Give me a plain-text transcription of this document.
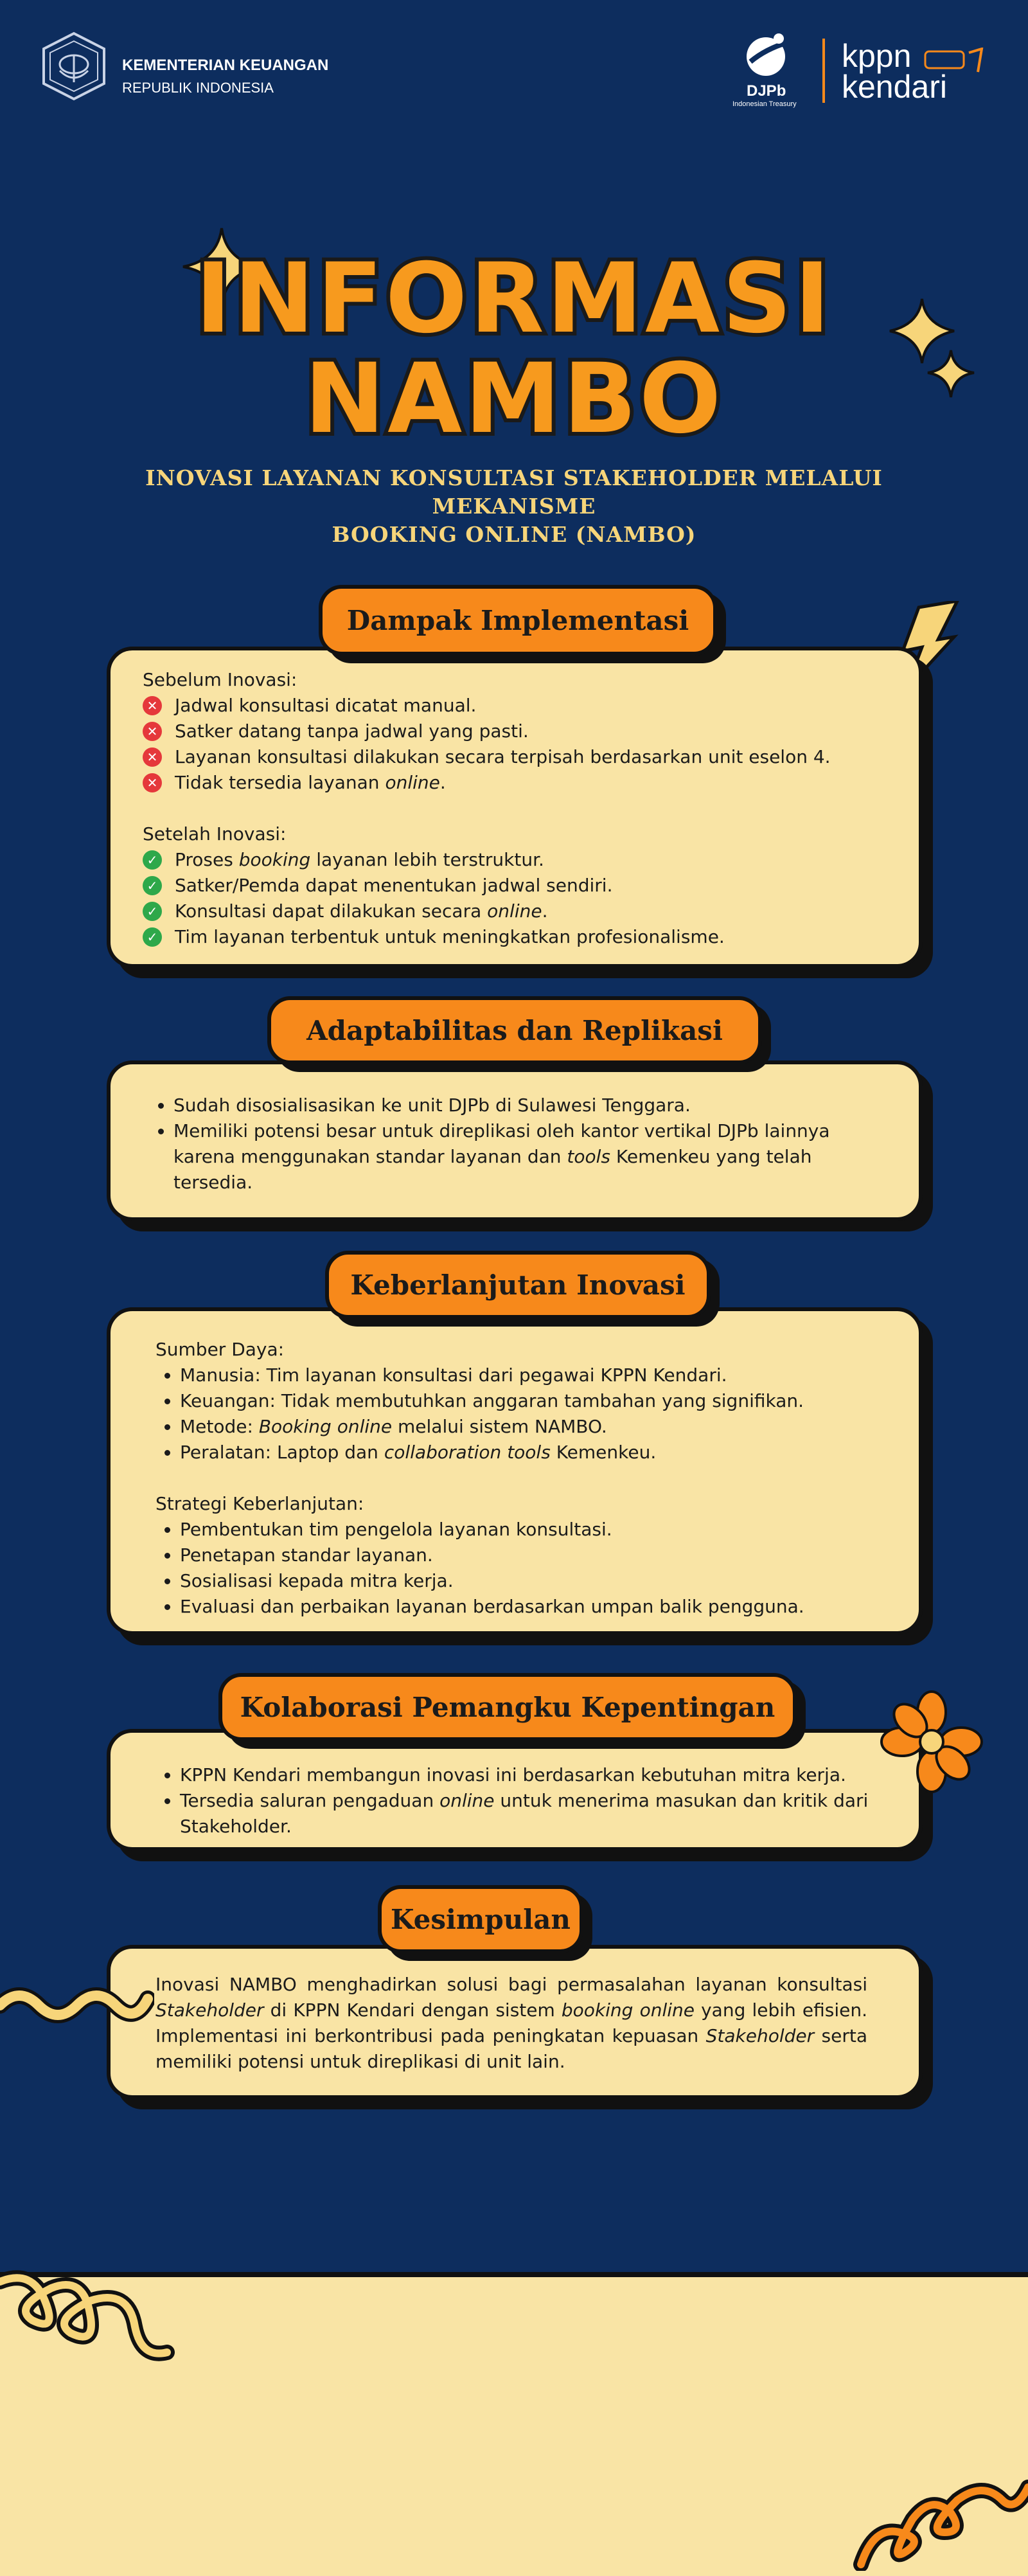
KEMENTERIAN KEUANGAN
REPUBLIK INDONESIA	DJPb
Indonesian Treasury
kppn
kendari
INFORMASI
NAMBO
INOVASI LAYANAN KONSULTASI STAKEHOLDER MELALUI MEKANISME
BOOKING ONLINE (NAMBO)
Sebelum Inovasi:
✕ Jadwal konsultasi dicatat manual.
✕ Satker datang tanpa jadwal yang pasti.
✕ Layanan konsultasi dilakukan secara terpisah berdasarkan unit eselon 4.
✕ Tidak tersedia layanan online.
Setelah Inovasi:
✓ Proses booking layanan lebih terstruktur.
✓ Satker/Pemda dapat menentukan jadwal sendiri.
✓ Konsultasi dapat dilakukan secara online.
✓ Tim layanan terbentuk untuk meningkatkan profesionalisme.
Dampak Implementasi
• Sudah disosialisasikan ke unit DJPb di Sulawesi Tenggara.
• Memiliki potensi besar untuk direplikasi oleh kantor vertikal DJPb lainnya karena menggunakan standar layanan dan tools Kemenkeu yang telah tersedia.
Adaptabilitas dan Replikasi
Sumber Daya:
• Manusia: Tim layanan konsultasi dari pegawai KPPN Kendari.
• Keuangan: Tidak membutuhkan anggaran tambahan yang signifikan.
• Metode: Booking online melalui sistem NAMBO.
• Peralatan: Laptop dan collaboration tools Kemenkeu.
Strategi Keberlanjutan:
• Pembentukan tim pengelola layanan konsultasi.
• Penetapan standar layanan.
• Sosialisasi kepada mitra kerja.
• Evaluasi dan perbaikan layanan berdasarkan umpan balik pengguna.
Keberlanjutan Inovasi
• KPPN Kendari membangun inovasi ini berdasarkan kebutuhan mitra kerja.
• Tersedia saluran pengaduan online untuk menerima masukan dan kritik dari Stakeholder.
Kolaborasi Pemangku Kepentingan

Inovasi NAMBO menghadirkan solusi bagi permasalahan layanan konsultasi Stakeholder di KPPN Kendari dengan sistem booking online yang lebih efisien. Implementasi ini berkontribusi pada peningkatan kepuasan Stakeholder serta memiliki potensi untuk direplikasi di unit lain.

Kesimpulan
